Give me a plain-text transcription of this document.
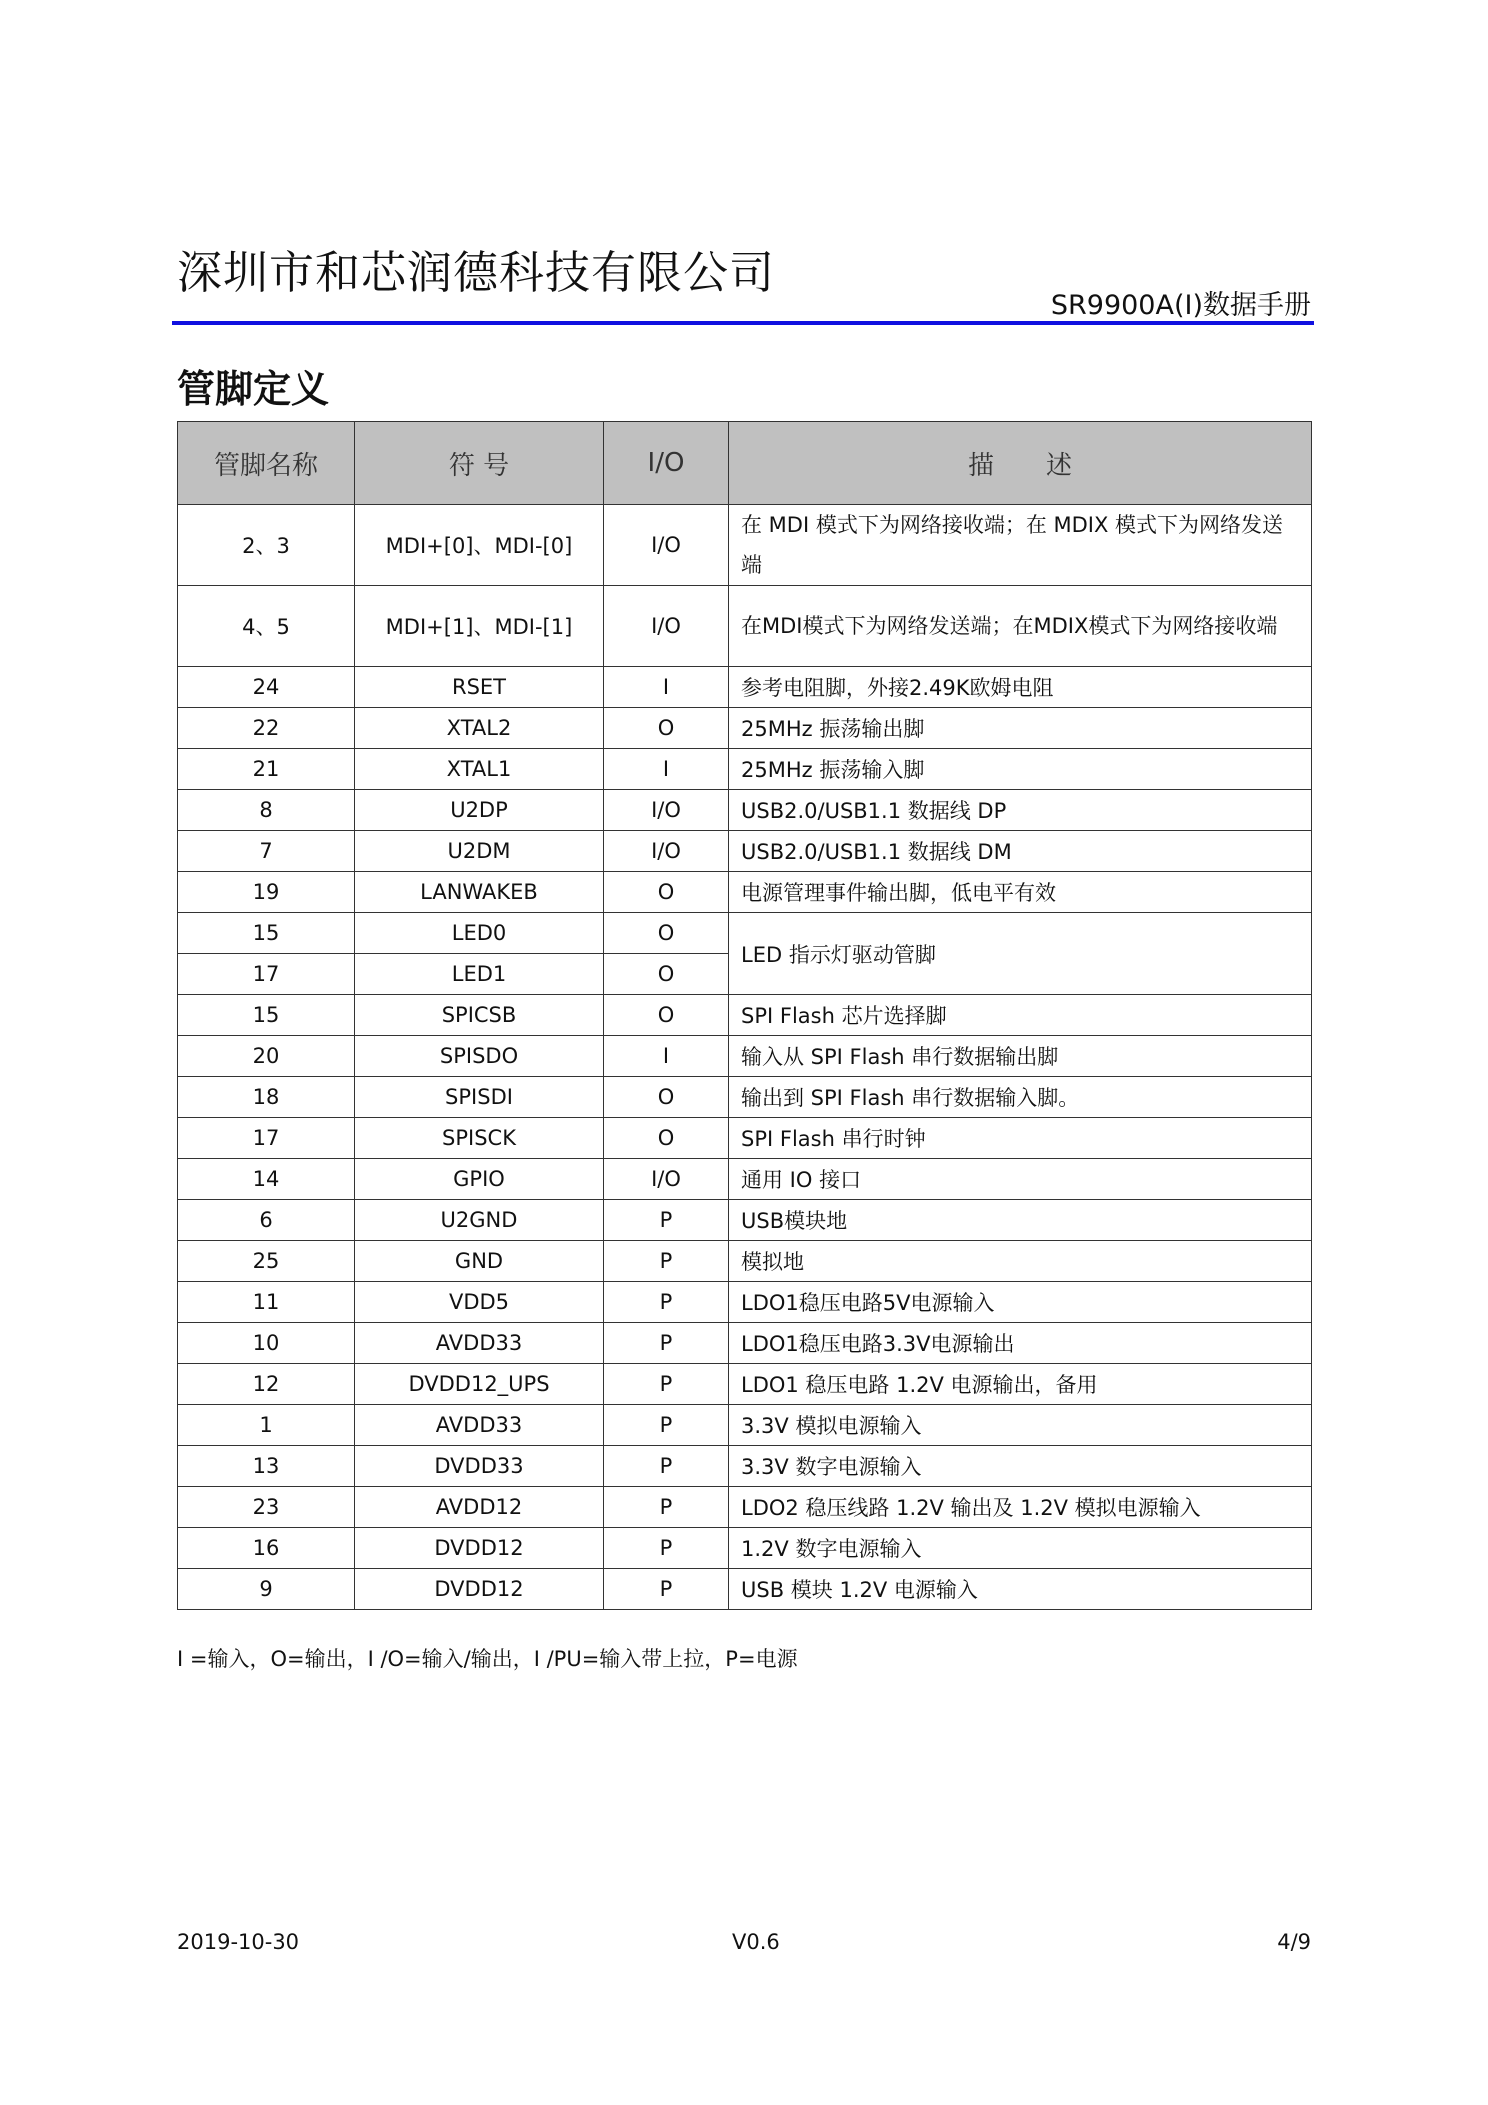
深圳市和芯润德科技有限公司
SR9900A(I)数据手册
管脚定义
管脚名称	符 号	I/O	描　　述
2、3	MDI+[0]、MDI-[0]	I/O	在 MDI 模式下为网络接收端；在 MDIX 模式下为网络发送端
4、5	MDI+[1]、MDI-[1]	I/O	在MDI模式下为网络发送端；在MDIX模式下为网络接收端
24	RSET	I	参考电阻脚，外接2.49K欧姆电阻
22	XTAL2	O	25MHz 振荡输出脚
21	XTAL1	I	25MHz 振荡输入脚
8	U2DP	I/O	USB2.0/USB1.1 数据线 DP
7	U2DM	I/O	USB2.0/USB1.1 数据线 DM
19	LANWAKEB	O	电源管理事件输出脚，低电平有效
15	LED0	O	LED 指示灯驱动管脚
17	LED1	O	
15	SPICSB	O	SPI Flash 芯片选择脚
20	SPISDO	I	输入从 SPI Flash 串行数据输出脚
18	SPISDI	O	输出到 SPI Flash 串行数据输入脚。
17	SPISCK	O	SPI Flash 串行时钟
14	GPIO	I/O	通用 IO 接口
6	U2GND	P	USB模块地
25	GND	P	模拟地
11	VDD5	P	LDO1稳压电路5V电源输入
10	AVDD33	P	LDO1稳压电路3.3V电源输出
12	DVDD12_UPS	P	LDO1 稳压电路 1.2V 电源输出，备用
1	AVDD33	P	3.3V 模拟电源输入
13	DVDD33	P	3.3V 数字电源输入
23	AVDD12	P	LDO2 稳压线路 1.2V 输出及 1.2V 模拟电源输入
16	DVDD12	P	1.2V 数字电源输入
9	DVDD12	P	USB 模块 1.2V 电源输入
I =输入，O=输出，I /O=输入/输出，I /PU=输入带上拉，P=电源
2019-10-30	V0.6	4/9
